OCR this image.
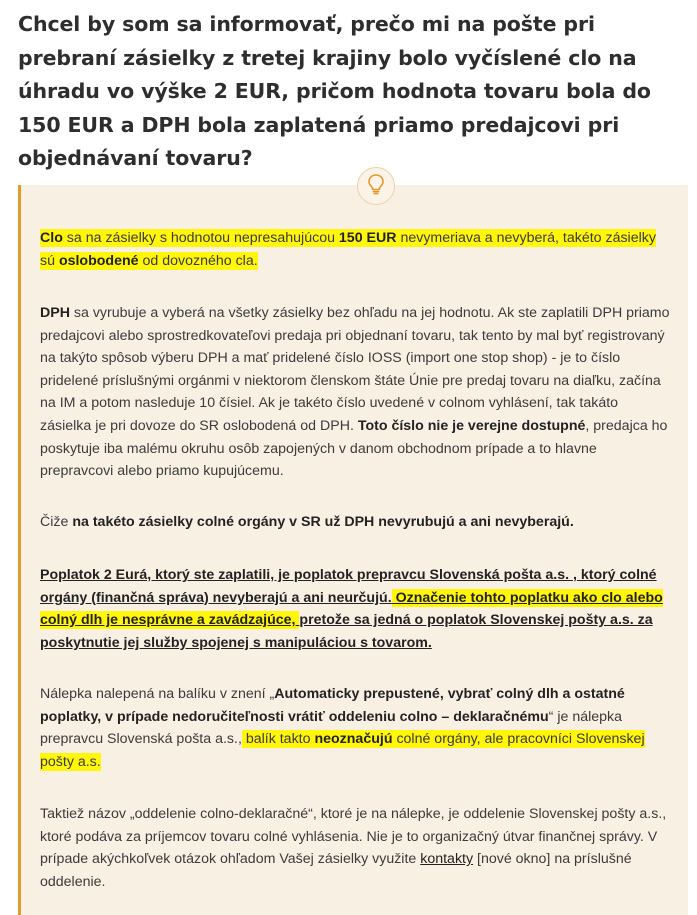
Chcel by som sa informovať, prečo mi na pošte pri prebraní zásielky z tretej krajiny bolo vyčíslené clo na úhradu vo výške 2 EUR, pričom hodnota tovaru bola do 150 EUR a DPH bola zaplatená priamo predajcovi pri objednávaní tovaru?

Clo sa na zásielky s hodnotou nepresahujúcou 150 EUR nevymeriava a nevyberá, takéto zásielky sú oslobodené od dovozného cla.

DPH sa vyrubuje a vyberá na všetky zásielky bez ohľadu na jej hodnotu. Ak ste zaplatili DPH priamo predajcovi alebo sprostredkovateľovi predaja pri objednaní tovaru, tak tento by mal byť registrovaný na takýto spôsob výberu DPH a mať pridelené číslo IOSS (import one stop shop) - je to číslo pridelené príslušnými orgánmi v niektorom členskom štáte Únie pre predaj tovaru na diaľku, začína na IM a potom nasleduje 10 čísiel. Ak je takéto číslo uvedené v colnom vyhlásení, tak takáto zásielka je pri dovoze do SR oslobodená od DPH. Toto číslo nie je verejne dostupné, predajca ho poskytuje iba malému okruhu osôb zapojených v danom obchodnom prípade a to hlavne prepravcovi alebo priamo kupujúcemu.

Čiže na takéto zásielky colné orgány v SR už DPH nevyrubujú a ani nevyberajú.

Poplatok 2 Eurá, ktorý ste zaplatili, je poplatok prepravcu Slovenská pošta a.s. , ktorý colné orgány (finančná správa) nevyberajú a ani neurčujú. Označenie tohto poplatku ako clo alebo colný dlh je nesprávne a zavádzajúce, pretože sa jedná o poplatok Slovenskej pošty a.s. za poskytnutie jej služby spojenej s manipuláciou s tovarom.

Nálepka nalepená na balíku v znení „Automaticky prepustené, vybrať colný dlh a ostatné poplatky, v prípade nedoručiteľnosti vrátiť oddeleniu colno – deklaračnému“ je nálepka prepravcu Slovenská pošta a.s., balík takto neoznačujú colné orgány, ale pracovníci Slovenskej pošty a.s.

Taktiež názov „oddelenie colno-deklaračné“, ktoré je na nálepke, je oddelenie Slovenskej pošty a.s., ktoré podáva za príjemcov tovaru colné vyhlásenia. Nie je to organizačný útvar finančnej správy. V prípade akýchkoľvek otázok ohľadom Vašej zásielky využite kontakty [nové okno] na príslušné oddelenie.
